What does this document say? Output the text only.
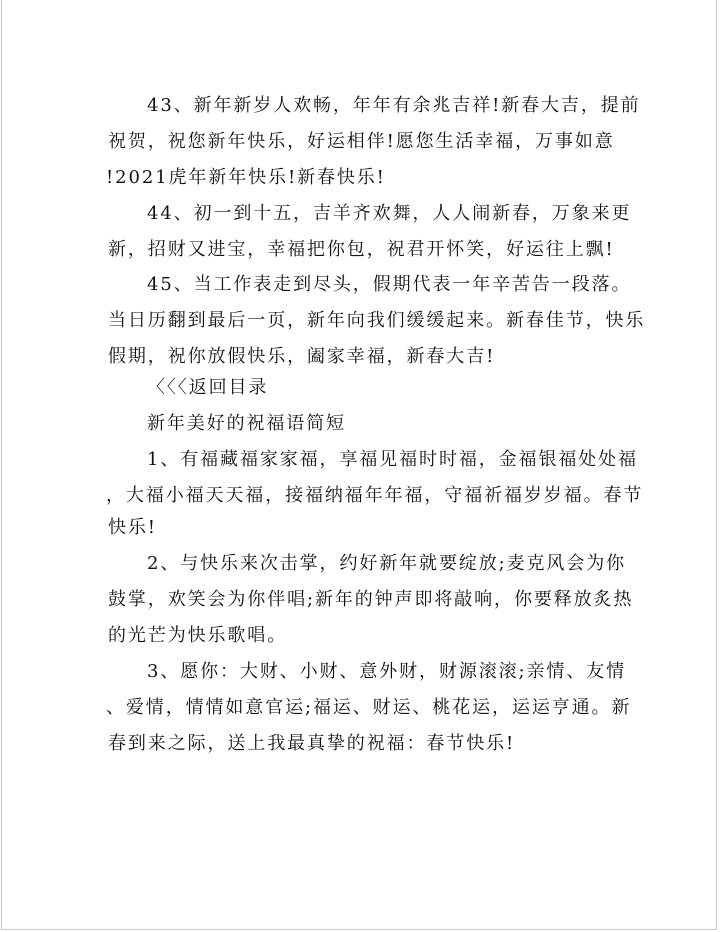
43、新年新岁人欢畅，年年有余兆吉祥!新春大吉，提前
祝贺，祝您新年快乐，好运相伴!愿您生活幸福，万事如意
!2021虎年新年快乐!新春快乐!
44、初一到十五，吉羊齐欢舞，人人闹新春，万象来更
新，招财又进宝，幸福把你包，祝君开怀笑，好运往上飘!
45、当工作表走到尽头，假期代表一年辛苦告一段落。
当日历翻到最后一页，新年向我们缓缓起来。新春佳节，快乐
假期，祝你放假快乐，阖家幸福，新春大吉!
〈〈〈返回目录
新年美好的祝福语简短
1、有福藏福家家福，享福见福时时福，金福银福处处福
，大福小福天天福，接福纳福年年福，守福祈福岁岁福。春节
快乐!
2、与快乐来次击掌，约好新年就要绽放;麦克风会为你
鼓掌，欢笑会为你伴唱;新年的钟声即将敲响，你要释放炙热
的光芒为快乐歌唱。
3、愿你：大财、小财、意外财，财源滚滚;亲情、友情
、爱情，情情如意官运;福运、财运、桃花运，运运亨通。新
春到来之际，送上我最真挚的祝福：春节快乐!
